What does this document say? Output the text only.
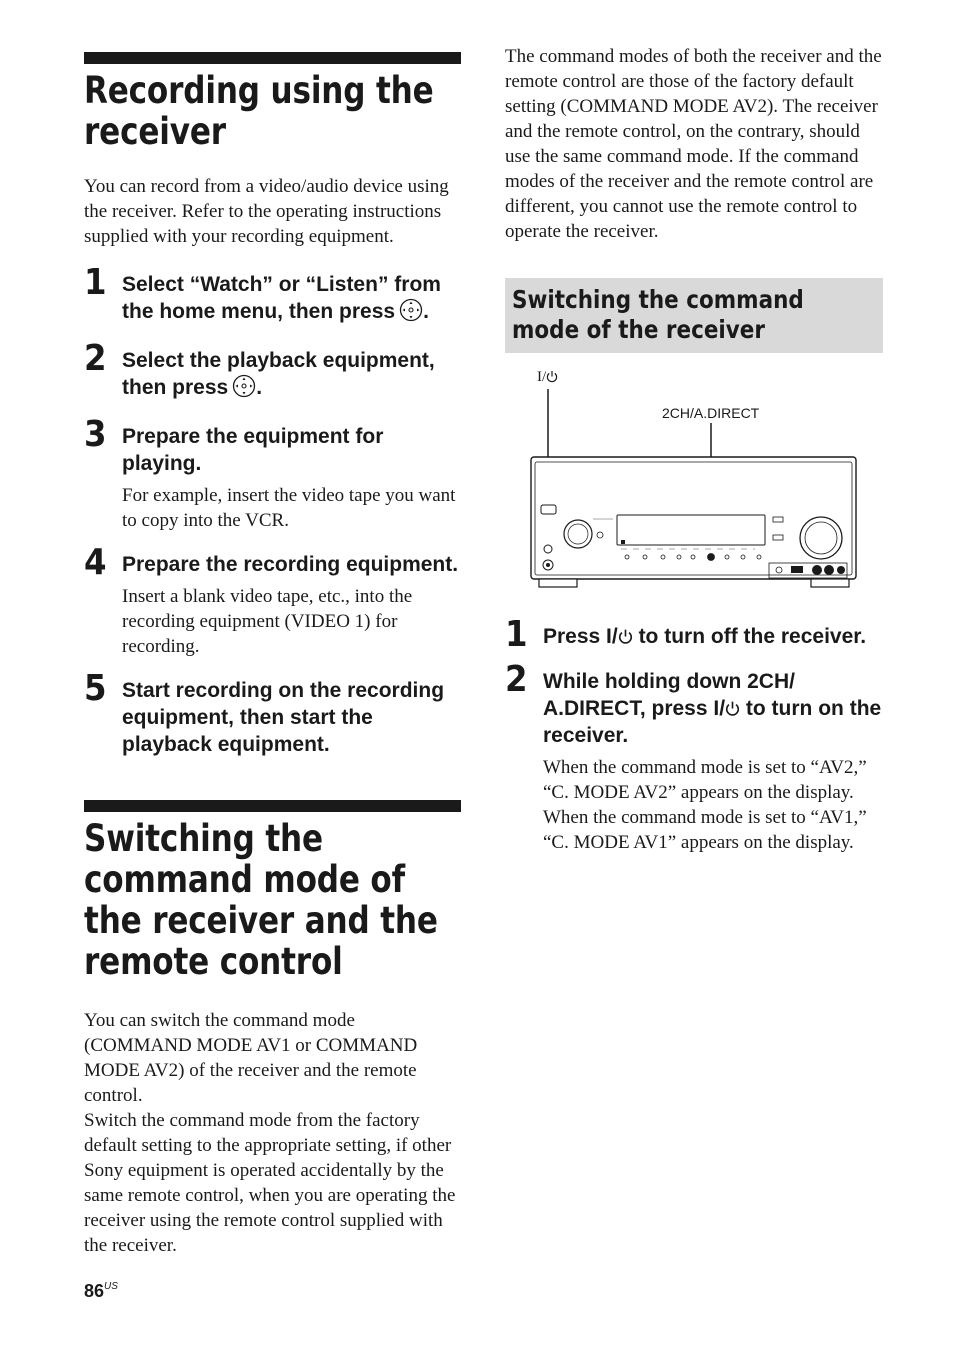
Recording using the receiver

You can record from a video/audio device using the receiver. Refer to the operating instructions supplied with your recording equipment.

1 Select “Watch” or “Listen” from the home menu, then press .

2 Select the playback equipment, then press .

3 Prepare the equipment for playing.

For example, insert the video tape you want to copy into the VCR.

4 Prepare the recording equipment.

Insert a blank video tape, etc., into the recording equipment (VIDEO 1) for recording.

5 Start recording on the recording equipment, then start the playback equipment.

Switching the command mode of the receiver and the remote control

You can switch the command mode (COMMAND MODE AV1 or COMMAND MODE AV2) of the receiver and the remote control.

Switch the command mode from the factory default setting to the appropriate setting, if other Sony equipment is operated accidentally by the same remote control, when you are operating the receiver using the remote control supplied with the receiver.

The command modes of both the receiver and the remote control are those of the factory default setting (COMMAND MODE AV2). The receiver and the remote control, on the contrary, should use the same command mode. If the command modes of the receiver and the remote control are different, you cannot use the remote control to operate the receiver.

Switching the command mode of the receiver
I/
2CH/A.DIRECT
1 Press I/ to turn off the receiver.

2 While holding down 2CH/ A.DIRECT, press I/ to turn on the receiver.

When the command mode is set to “AV2,” “C. MODE AV2” appears on the display. When the command mode is set to “AV1,” “C. MODE AV1” appears on the display.

$86^{US}$
